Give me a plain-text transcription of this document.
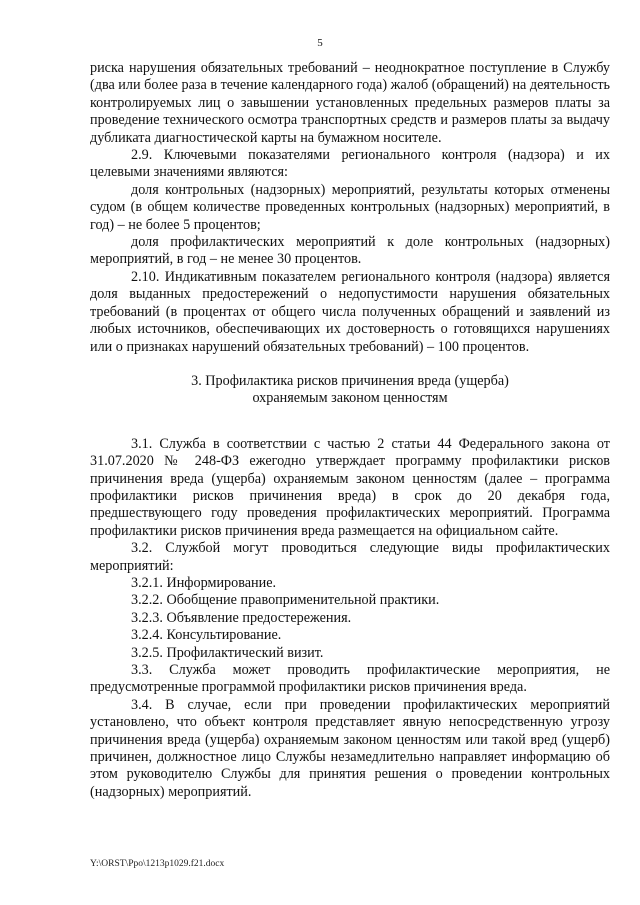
5

риска нарушения обязательных требований – неоднократное поступление в Службу (два или более раза в течение календарного года) жалоб (обращений) на деятельность контролируемых лиц о завышении установленных предельных размеров платы за проведение технического осмотра транспортных средств и размеров платы за выдачу дубликата диагностической карты на бумажном носителе.

2.9. Ключевыми показателями регионального контроля (надзора) и их целевыми значениями являются:

доля контрольных (надзорных) мероприятий, результаты которых отменены судом (в общем количестве проведенных контрольных (надзорных) мероприятий, в год) – не более 5 процентов;

доля профилактических мероприятий к доле контрольных (надзорных) мероприятий, в год – не менее 30 процентов.

2.10. Индикативным показателем регионального контроля (надзора) является доля выданных предостережений о недопустимости нарушения обязательных требований (в процентах от общего числа полученных обращений и заявлений из любых источников, обеспечивающих их достоверность о готовящихся нарушениях или о признаках нарушений обязательных требований) – 100 процентов.

3. Профилактика рисков причинения вреда (ущерба)
охраняемым законом ценностям

3.1. Служба в соответствии с частью 2 статьи 44 Федерального закона от 31.07.2020 № 248-ФЗ ежегодно утверждает программу профилактики рисков причинения вреда (ущерба) охраняемым законом ценностям (далее – программа профилактики рисков причинения вреда) в срок до 20 декабря года, предшествующего году проведения профилактических мероприятий. Программа профилактики рисков причинения вреда размещается на официальном сайте.

3.2. Службой могут проводиться следующие виды профилактических мероприятий:

3.2.1. Информирование.

3.2.2. Обобщение правоприменительной практики.

3.2.3. Объявление предостережения.

3.2.4. Консультирование.

3.2.5. Профилактический визит.

3.3. Служба может проводить профилактические мероприятия, не предусмотренные программой профилактики рисков причинения вреда.

3.4. В случае, если при проведении профилактических мероприятий установлено, что объект контроля представляет явную непосредственную угрозу причинения вреда (ущерба) охраняемым законом ценностям или такой вред (ущерб) причинен, должностное лицо Службы незамедлительно направляет информацию об этом руководителю Службы для принятия решения о проведении контрольных (надзорных) мероприятий.

Y:\ORST\Ppo\1213p1029.f21.docx
